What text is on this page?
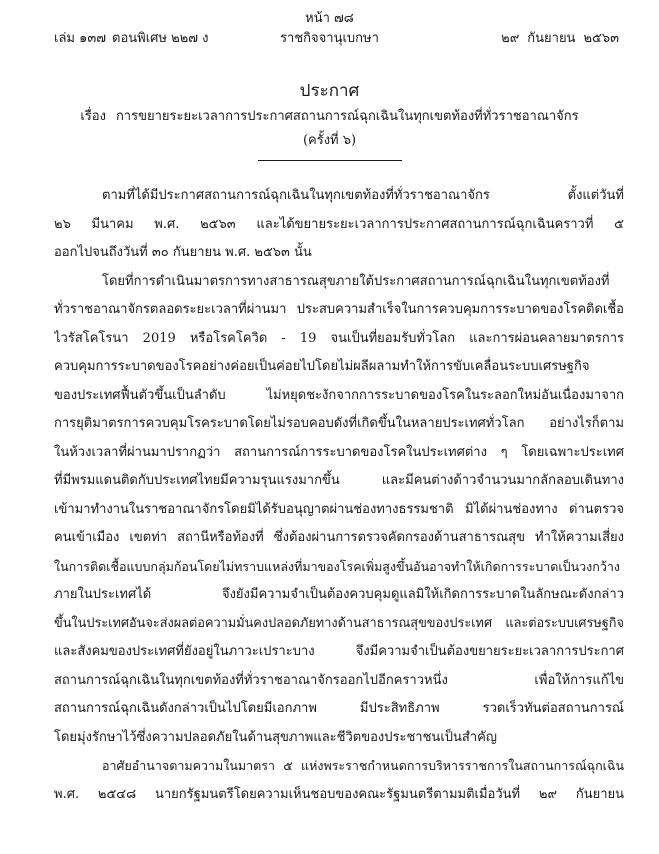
หน้า ๗๘
เล่ม ๑๓๗ ตอนพิเศษ ๒๒๗ ง	ราชกิจจานุเบกษา	๒๙ กันยายน ๒๕๖๓
ประกาศ
เรื่อง การขยายระยะเวลาการประกาศสถานการณ์ฉุกเฉินในทุกเขตท้องที่ทั่วราชอาณาจักร
(ครั้งที่ ๖)
ตามที่ได้มีประกาศสถานการณ์ฉุกเฉินในทุกเขตท้องที่ทั่วราชอาณาจักร ตั้งแต่วันที่
๒๖ มีนาคม พ.ศ. ๒๕๖๓ และได้ขยายระยะเวลาการประกาศสถานการณ์ฉุกเฉินคราวที่ ๕
ออกไปจนถึงวันที่ ๓๐ กันยายน พ.ศ. ๒๕๖๓ นั้น
โดยที่การดำเนินมาตรการทางสาธารณสุขภายใต้ประกาศสถานการณ์ฉุกเฉินในทุกเขตท้องที่
ทั่วราชอาณาจักรตลอดระยะเวลาที่ผ่านมา ประสบความสำเร็จในการควบคุมการระบาดของโรคติดเชื้อ
ไวรัสโคโรนา 2019 หรือโรคโควิด - 19 จนเป็นที่ยอมรับทั่วโลก และการผ่อนคลายมาตรการ
ควบคุมการระบาดของโรคอย่างค่อยเป็นค่อยไปโดยไม่ผลีผลามทำให้การขับเคลื่อนระบบเศรษฐกิจ
ของประเทศฟื้นตัวขึ้นเป็นลำดับ ไม่หยุดชะงักจากการระบาดของโรคในระลอกใหม่อันเนื่องมาจาก
การยุติมาตรการควบคุมโรคระบาดโดยไม่รอบคอบดังที่เกิดขึ้นในหลายประเทศทั่วโลก อย่างไรก็ตาม
ในห้วงเวลาที่ผ่านมาปรากฏว่า สถานการณ์การระบาดของโรคในประเทศต่าง ๆ โดยเฉพาะประเทศ
ที่มีพรมแดนติดกับประเทศไทยมีความรุนแรงมากขึ้น และมีคนต่างด้าวจำนวนมากลักลอบเดินทาง
เข้ามาทำงานในราชอาณาจักรโดยมิได้รับอนุญาตผ่านช่องทางธรรมชาติ มิได้ผ่านช่องทาง ด่านตรวจ
คนเข้าเมือง เขตท่า สถานีหรือท้องที่ ซึ่งต้องผ่านการตรวจคัดกรองด้านสาธารณสุข ทำให้ความเสี่ยง
ในการติดเชื้อแบบกลุ่มก้อนโดยไม่ทราบแหล่งที่มาของโรคเพิ่มสูงขึ้นอันอาจทำให้เกิดการระบาดเป็นวงกว้าง
ภายในประเทศได้ จึงยังมีความจำเป็นต้องควบคุมดูแลมิให้เกิดการระบาดในลักษณะดังกล่าว
ขึ้นในประเทศอันจะส่งผลต่อความมั่นคงปลอดภัยทางด้านสาธารณสุขของประเทศ และต่อระบบเศรษฐกิจ
และสังคมของประเทศที่ยังอยู่ในภาวะเปราะบาง จึงมีความจำเป็นต้องขยายระยะเวลาการประกาศ
สถานการณ์ฉุกเฉินในทุกเขตท้องที่ทั่วราชอาณาจักรออกไปอีกคราวหนึ่ง เพื่อให้การแก้ไข
สถานการณ์ฉุกเฉินดังกล่าวเป็นไปโดยมีเอกภาพ มีประสิทธิภาพ รวดเร็วทันต่อสถานการณ์
โดยมุ่งรักษาไว้ซึ่งความปลอดภัยในด้านสุขภาพและชีวิตของประชาชนเป็นสำคัญ
อาศัยอำนาจตามความในมาตรา ๕ แห่งพระราชกำหนดการบริหารราชการในสถานการณ์ฉุกเฉิน
พ.ศ. ๒๕๔๘ นายกรัฐมนตรีโดยความเห็นชอบของคณะรัฐมนตรีตามมติเมื่อวันที่ ๒๙ กันยายน
